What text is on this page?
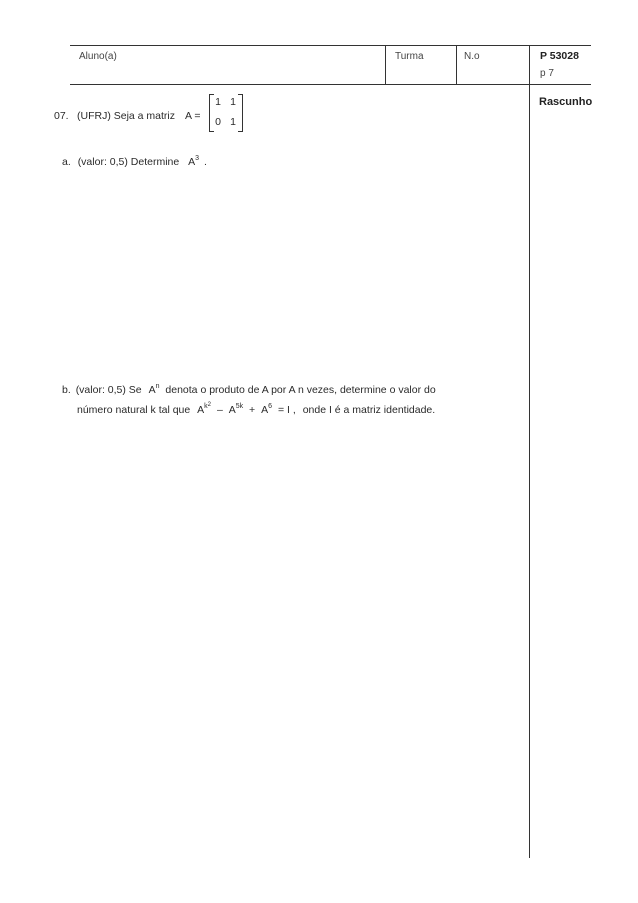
Aluno(a)	Turma	N.o	P 53028
p 7
Rascunho
07. (UFRJ) Seja a matriz A =
1 1
0 1
a. (valor: 0,5) Determine $A^3$ .
b. (valor: 0,5) Se $A^n$ denota o produto de A por A n vezes, determine o valor do
número natural k tal que $A^{k2} - A^{5k} + A^6 = I$ , onde I é a matriz identidade.
